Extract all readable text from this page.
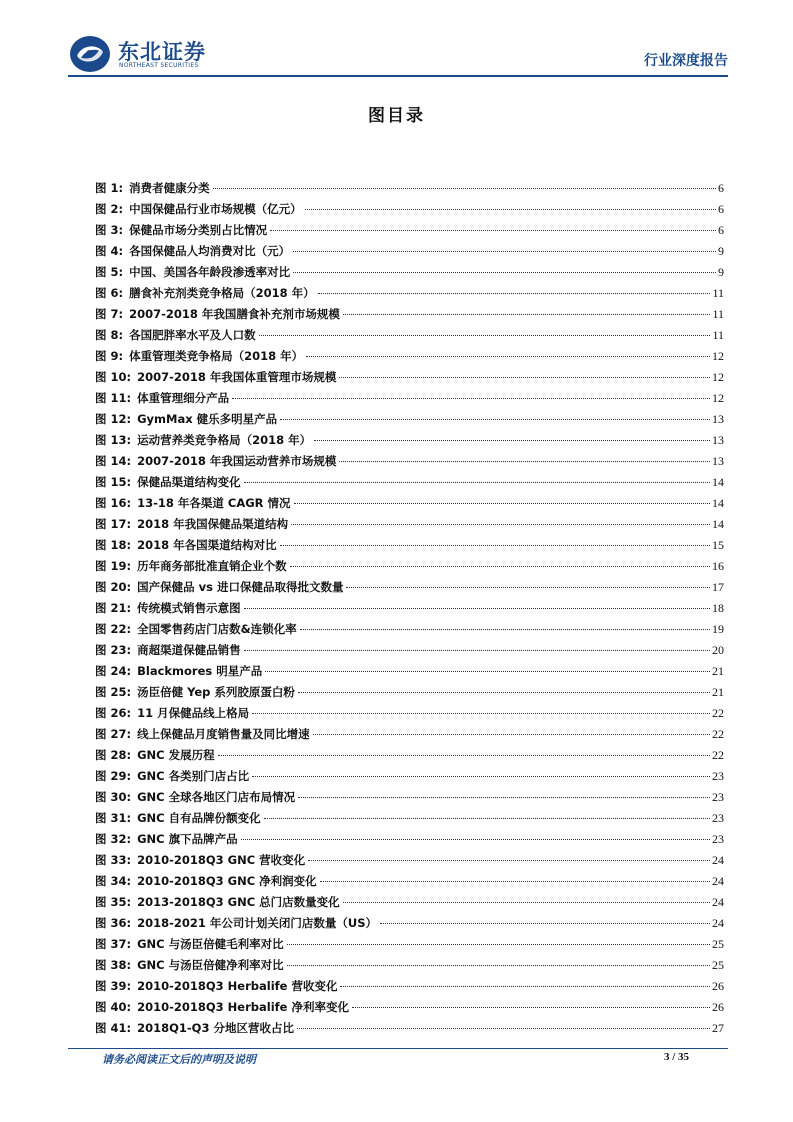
东北证券
NORTHEAST SECURITIES	行业深度报告
图目录
图 1: 消费者健康分类	6
图 2: 中国保健品行业市场规模（亿元）	6
图 3: 保健品市场分类别占比情况	6
图 4: 各国保健品人均消费对比（元）	9
图 5: 中国、美国各年龄段渗透率对比	9
图 6: 膳食补充剂类竞争格局（2018 年）	11
图 7: 2007-2018 年我国膳食补充剂市场规模	11
图 8: 各国肥胖率水平及人口数	11
图 9: 体重管理类竞争格局（2018 年）	12
图 10: 2007-2018 年我国体重管理市场规模	12
图 11: 体重管理细分产品	12
图 12: GymMax 健乐多明星产品	13
图 13: 运动营养类竞争格局（2018 年）	13
图 14: 2007-2018 年我国运动营养市场规模	13
图 15: 保健品渠道结构变化	14
图 16: 13-18 年各渠道 CAGR 情况	14
图 17: 2018 年我国保健品渠道结构	14
图 18: 2018 年各国渠道结构对比	15
图 19: 历年商务部批准直销企业个数	16
图 20: 国产保健品 vs 进口保健品取得批文数量	17
图 21: 传统模式销售示意图	18
图 22: 全国零售药店门店数&连锁化率	19
图 23: 商超渠道保健品销售	20
图 24: Blackmores 明星产品	21
图 25: 汤臣倍健 Yep 系列胶原蛋白粉	21
图 26: 11 月保健品线上格局	22
图 27: 线上保健品月度销售量及同比增速	22
图 28: GNC 发展历程	22
图 29: GNC 各类别门店占比	23
图 30: GNC 全球各地区门店布局情况	23
图 31: GNC 自有品牌份额变化	23
图 32: GNC 旗下品牌产品	23
图 33: 2010-2018Q3 GNC 营收变化	24
图 34: 2010-2018Q3 GNC 净利润变化	24
图 35: 2013-2018Q3 GNC 总门店数量变化	24
图 36: 2018-2021 年公司计划关闭门店数量（US）	24
图 37: GNC 与汤臣倍健毛利率对比	25
图 38: GNC 与汤臣倍健净利率对比	25
图 39: 2010-2018Q3 Herbalife 营收变化	26
图 40: 2010-2018Q3 Herbalife 净利率变化	26
图 41: 2018Q1-Q3 分地区营收占比	27
请务必阅读正文后的声明及说明	3 / 35
